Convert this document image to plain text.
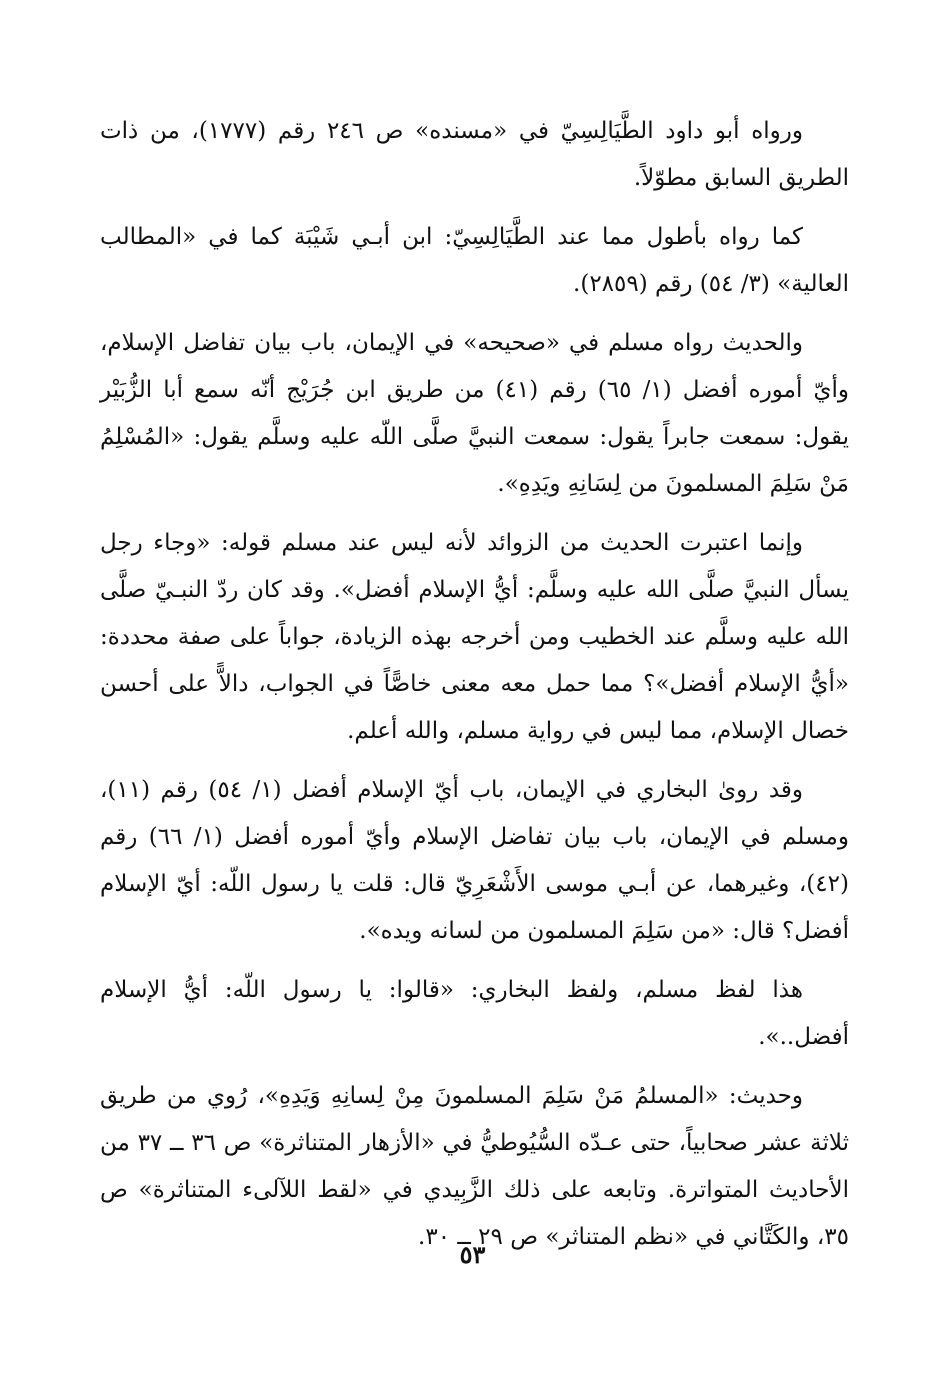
ورواه أبو داود الطَّيَالِسِيّ في «مسنده» ص ٢٤٦ رقم (١٧٧٧)، من ذات الطريق السابق مطوّلاً.

كما رواه بأطول مما عند الطَّيَالِسِيّ: ابن أبـي شَيْبَة كما في «المطالب العالية» (٣/ ٥٤) رقم (٢٨٥٩).

والحديث رواه مسلم في «صحيحه» في الإيمان، باب بيان تفاضل الإسلام، وأيّ أموره أفضل (١/ ٦٥) رقم (٤١) من طريق ابن جُرَيْج أنّه سمع أبا الزُّبَيْر يقول: سمعت جابراً يقول: سمعت النبيَّ صلَّى اللّه عليه وسلَّم يقول: «المُسْلِمُ مَنْ سَلِمَ المسلمونَ من لِسَانِهِ ويَدِهِ».

وإنما اعتبرت الحديث من الزوائد لأنه ليس عند مسلم قوله: «وجاء رجل يسأل النبيَّ صلَّى الله عليه وسلَّم: أيُّ الإسلام أفضل». وقد كان ردّ النبـيّ صلَّى الله عليه وسلَّم عند الخطيب ومن أخرجه بهذه الزيادة، جواباً على صفة محددة: «أيُّ الإسلام أفضل»؟ مما حمل معه معنى خاصًّاً في الجواب، دالاًّ على أحسن خصال الإسلام، مما ليس في رواية مسلم، والله أعلم.

وقد روىٰ البخاري في الإيمان، باب أيّ الإسلام أفضل (١/ ٥٤) رقم (١١)، ومسلم في الإيمان، باب بيان تفاضل الإسلام وأيّ أموره أفضل (١/ ٦٦) رقم (٤٢)، وغيرهما، عن أبـي موسى الأَشْعَرِيّ قال: قلت يا رسول اللّه: أيّ الإسلام أفضل؟ قال: «من سَلِمَ المسلمون من لسانه ويده».

هذا لفظ مسلم، ولفظ البخاري: «قالوا: يا رسول اللّه: أيُّ الإسلام أفضل..».

وحديث: «المسلمُ مَنْ سَلِمَ المسلمونَ مِنْ لِسانِهِ وَيَدِهِ»، رُوي من طريق ثلاثة عشر صحابياً، حتى عـدّه السُّيُوطيُّ في «الأزهار المتناثرة» ص ٣٦ ــ ٣٧ من الأحاديث المتواترة. وتابعه على ذلك الزَّبِيدي في «لقط اللآلىء المتناثرة» ص ٣٥، والكَتَّاني في «نظم المتناثر» ص ٢٩ ــ ٣٠.

٥٣
